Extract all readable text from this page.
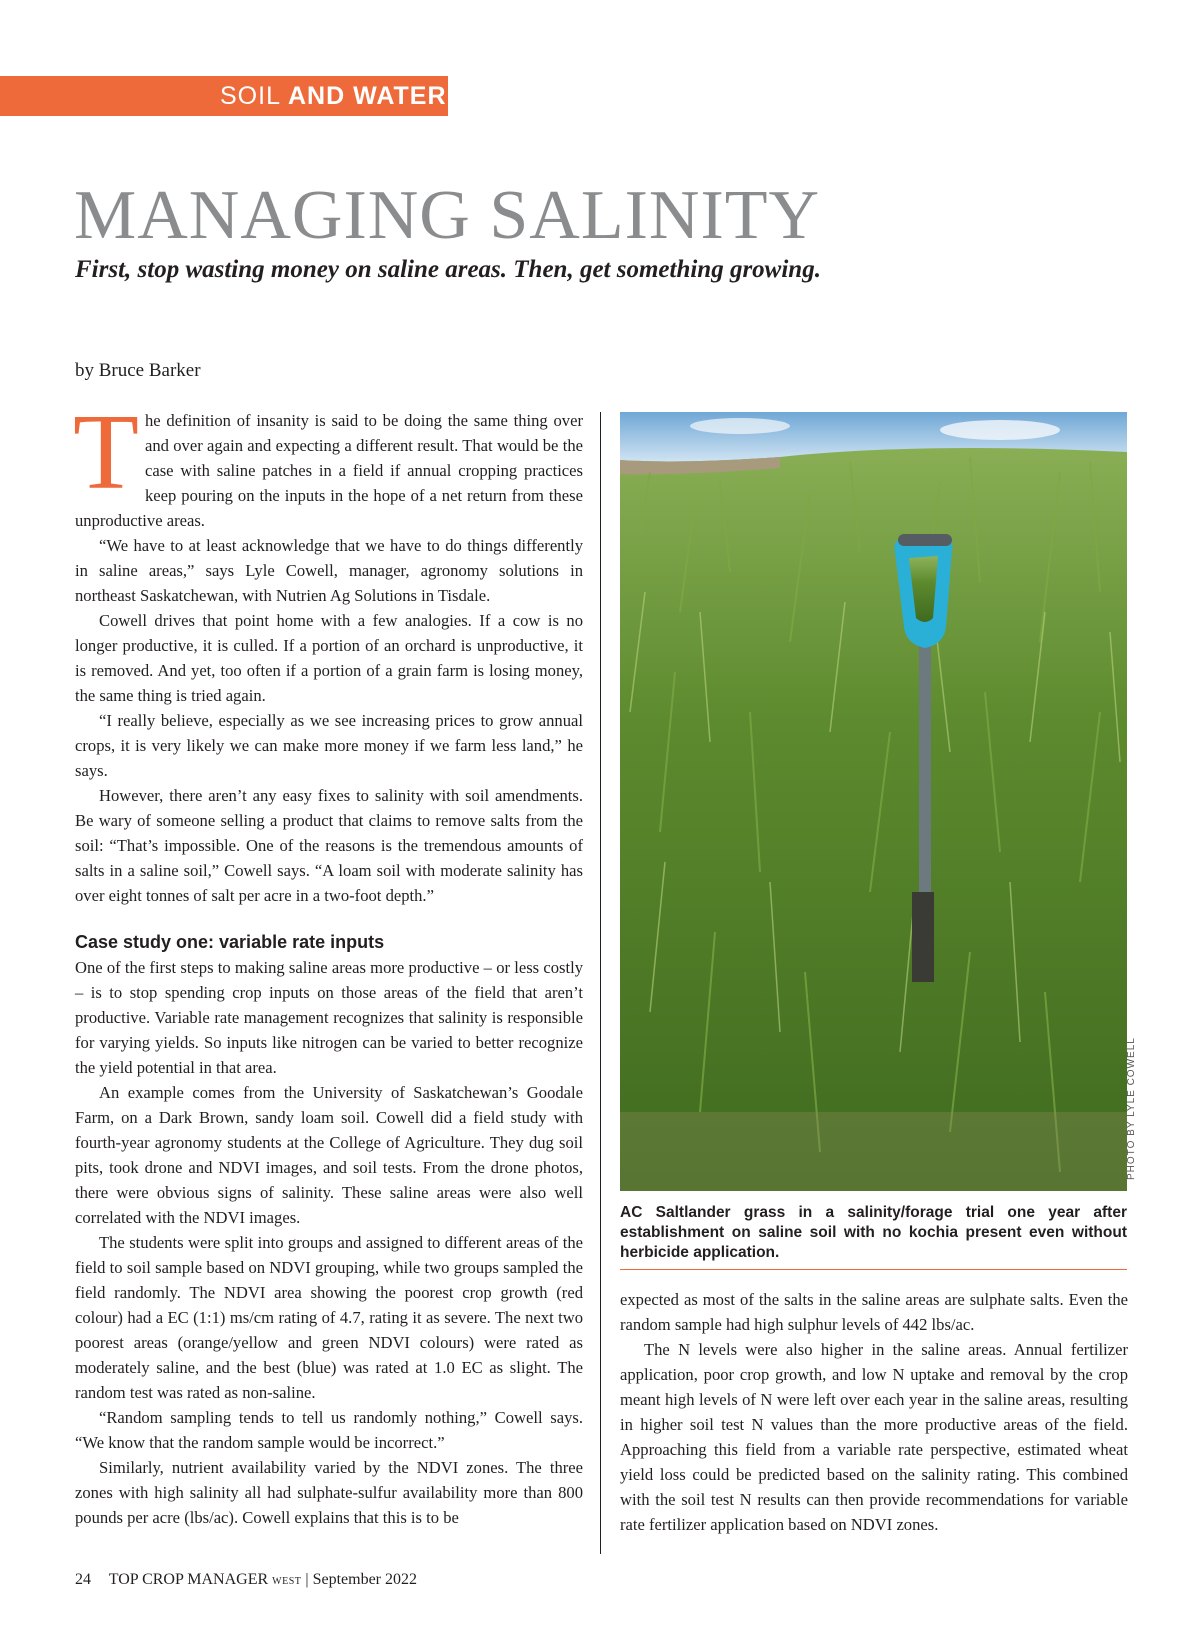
SOIL AND WATER
MANAGING SALINITY
First, stop wasting money on saline areas. Then, get something growing.
by Bruce Barker

The definition of insanity is said to be doing the same thing over and over again and expecting a different result. That would be the case with saline patches in a field if annual cropping practices keep pouring on the inputs in the hope of a net return from these unproductive areas.

“We have to at least acknowledge that we have to do things differently in saline areas,” says Lyle Cowell, manager, agronomy solutions in northeast Saskatchewan, with Nutrien Ag Solutions in Tisdale.

Cowell drives that point home with a few analogies. If a cow is no longer productive, it is culled. If a portion of an orchard is unproductive, it is removed. And yet, too often if a portion of a grain farm is losing money, the same thing is tried again.

“I really believe, especially as we see increasing prices to grow annual crops, it is very likely we can make more money if we farm less land,” he says.

However, there aren’t any easy fixes to salinity with soil amendments. Be wary of someone selling a product that claims to remove salts from the soil: “That’s impossible. One of the reasons is the tremendous amounts of salts in a saline soil,” Cowell says. “A loam soil with moderate salinity has over eight tonnes of salt per acre in a two-foot depth.”

Case study one: variable rate inputs

One of the first steps to making saline areas more productive – or less costly – is to stop spending crop inputs on those areas of the field that aren’t productive. Variable rate management recognizes that salinity is responsible for varying yields. So inputs like nitrogen can be varied to better recognize the yield potential in that area.

An example comes from the University of Saskatchewan’s Goodale Farm, on a Dark Brown, sandy loam soil. Cowell did a field study with fourth-year agronomy students at the College of Agriculture. They dug soil pits, took drone and NDVI images, and soil tests. From the drone photos, there were obvious signs of salinity. These saline areas were also well correlated with the NDVI images.

The students were split into groups and assigned to different areas of the field to soil sample based on NDVI grouping, while two groups sampled the field randomly. The NDVI area showing the poorest crop growth (red colour) had a EC (1:1) ms/cm rating of 4.7, rating it as severe. The next two poorest areas (orange/yellow and green NDVI colours) were rated as moderately saline, and the best (blue) was rated at 1.0 EC as slight. The random test was rated as non-saline.

“Random sampling tends to tell us randomly nothing,” Cowell says. “We know that the random sample would be incorrect.”

Similarly, nutrient availability varied by the NDVI zones. The three zones with high salinity all had sulphate-sulfur availability more than 800 pounds per acre (lbs/ac). Cowell explains that this is to be

PHOTO BY LYLE COWELL
AC Saltlander grass in a salinity/forage trial one year after establishment on saline soil with no kochia present even without herbicide application.

expected as most of the salts in the saline areas are sulphate salts. Even the random sample had high sulphur levels of 442 lbs/ac.

The N levels were also higher in the saline areas. Annual fertilizer application, poor crop growth, and low N uptake and removal by the crop meant high levels of N were left over each year in the saline areas, resulting in higher soil test N values than the more productive areas of the field. Approaching this field from a variable rate perspective, estimated wheat yield loss could be predicted based on the salinity rating. This combined with the soil test N results can then provide recommendations for variable rate fertilizer application based on NDVI zones.

24 TOP CROP MANAGER WEST | September 2022
